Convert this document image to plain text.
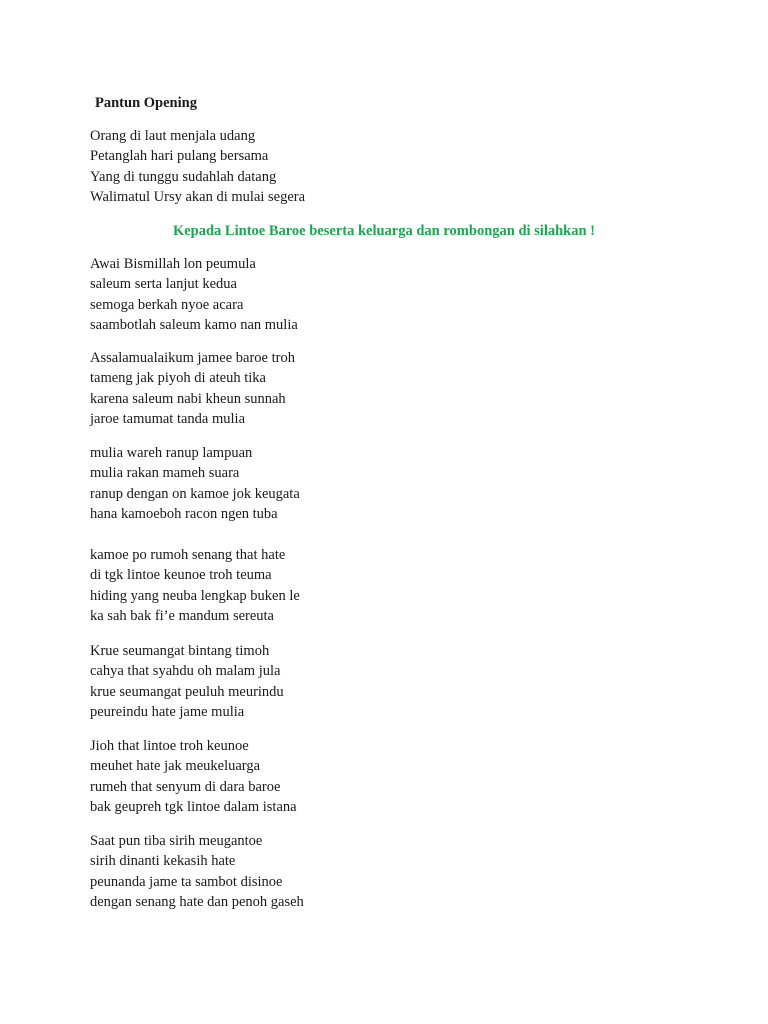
Pantun Opening
Orang di laut menjala udang
Petanglah hari pulang bersama
Yang di tunggu sudahlah datang
Walimatul Ursy akan di mulai segera
Kepada Lintoe Baroe beserta keluarga dan rombongan di silahkan !
Awai Bismillah lon peumula
saleum serta lanjut kedua
semoga berkah nyoe acara
saambotlah saleum kamo nan mulia
Assalamualaikum jamee baroe troh
tameng jak piyoh di ateuh tika
karena saleum nabi kheun sunnah
jaroe tamumat tanda mulia
mulia wareh ranup lampuan
mulia rakan mameh suara
ranup dengan on kamoe jok keugata
hana kamoeboh racon ngen tuba
kamoe po rumoh senang that hate
di tgk lintoe keunoe troh teuma
hiding yang neuba lengkap buken le
ka sah bak fi’e mandum sereuta
Krue seumangat bintang timoh
cahya that syahdu oh malam jula
krue seumangat peuluh meurindu
peureindu hate jame mulia
Jioh that lintoe troh keunoe
meuhet hate jak meukeluarga
rumeh that senyum di dara baroe
bak geupreh tgk lintoe dalam istana
Saat pun tiba sirih meugantoe
sirih dinanti kekasih hate
peunanda jame ta sambot disinoe
dengan senang hate dan penoh gaseh
